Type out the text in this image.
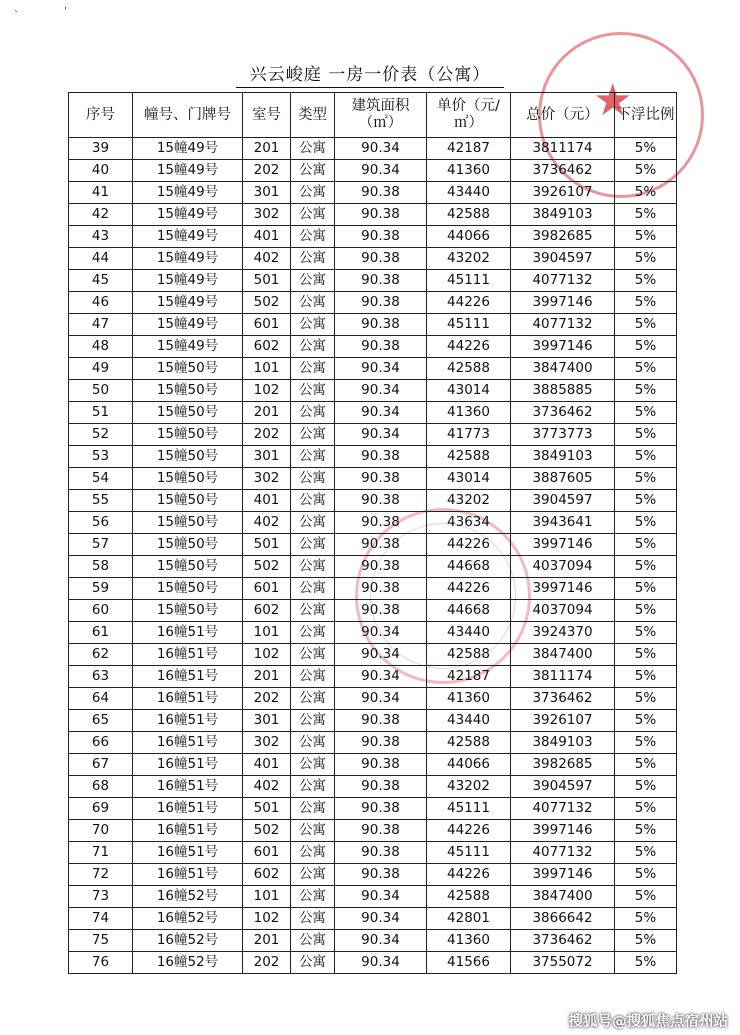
`	'
★
兴云峻庭 一房一价表（公寓）
序号	幢号、门牌号	室号	类型	建筑面积（㎡）	单价（元/㎡）	总价（元）	下浮比例
39	15幢49号	201	公寓	90.34	42187	3811174	5%
40	15幢49号	202	公寓	90.34	41360	3736462	5%
41	15幢49号	301	公寓	90.38	43440	3926107	5%
42	15幢49号	302	公寓	90.38	42588	3849103	5%
43	15幢49号	401	公寓	90.38	44066	3982685	5%
44	15幢49号	402	公寓	90.38	43202	3904597	5%
45	15幢49号	501	公寓	90.38	45111	4077132	5%
46	15幢49号	502	公寓	90.38	44226	3997146	5%
47	15幢49号	601	公寓	90.38	45111	4077132	5%
48	15幢49号	602	公寓	90.38	44226	3997146	5%
49	15幢50号	101	公寓	90.34	42588	3847400	5%
50	15幢50号	102	公寓	90.34	43014	3885885	5%
51	15幢50号	201	公寓	90.34	41360	3736462	5%
52	15幢50号	202	公寓	90.34	41773	3773773	5%
53	15幢50号	301	公寓	90.38	42588	3849103	5%
54	15幢50号	302	公寓	90.38	43014	3887605	5%
55	15幢50号	401	公寓	90.38	43202	3904597	5%
56	15幢50号	402	公寓	90.38	43634	3943641	5%
57	15幢50号	501	公寓	90.38	44226	3997146	5%
58	15幢50号	502	公寓	90.38	44668	4037094	5%
59	15幢50号	601	公寓	90.38	44226	3997146	5%
60	15幢50号	602	公寓	90.38	44668	4037094	5%
61	16幢51号	101	公寓	90.34	43440	3924370	5%
62	16幢51号	102	公寓	90.34	42588	3847400	5%
63	16幢51号	201	公寓	90.34	42187	3811174	5%
64	16幢51号	202	公寓	90.34	41360	3736462	5%
65	16幢51号	301	公寓	90.38	43440	3926107	5%
66	16幢51号	302	公寓	90.38	42588	3849103	5%
67	16幢51号	401	公寓	90.38	44066	3982685	5%
68	16幢51号	402	公寓	90.38	43202	3904597	5%
69	16幢51号	501	公寓	90.38	45111	4077132	5%
70	16幢51号	502	公寓	90.38	44226	3997146	5%
71	16幢51号	601	公寓	90.38	45111	4077132	5%
72	16幢51号	602	公寓	90.38	44226	3997146	5%
73	16幢52号	101	公寓	90.34	42588	3847400	5%
74	16幢52号	102	公寓	90.34	42801	3866642	5%
75	16幢52号	201	公寓	90.34	41360	3736462	5%
76	16幢52号	202	公寓	90.34	41566	3755072	5%
搜狐号@搜狐焦点宿州站
